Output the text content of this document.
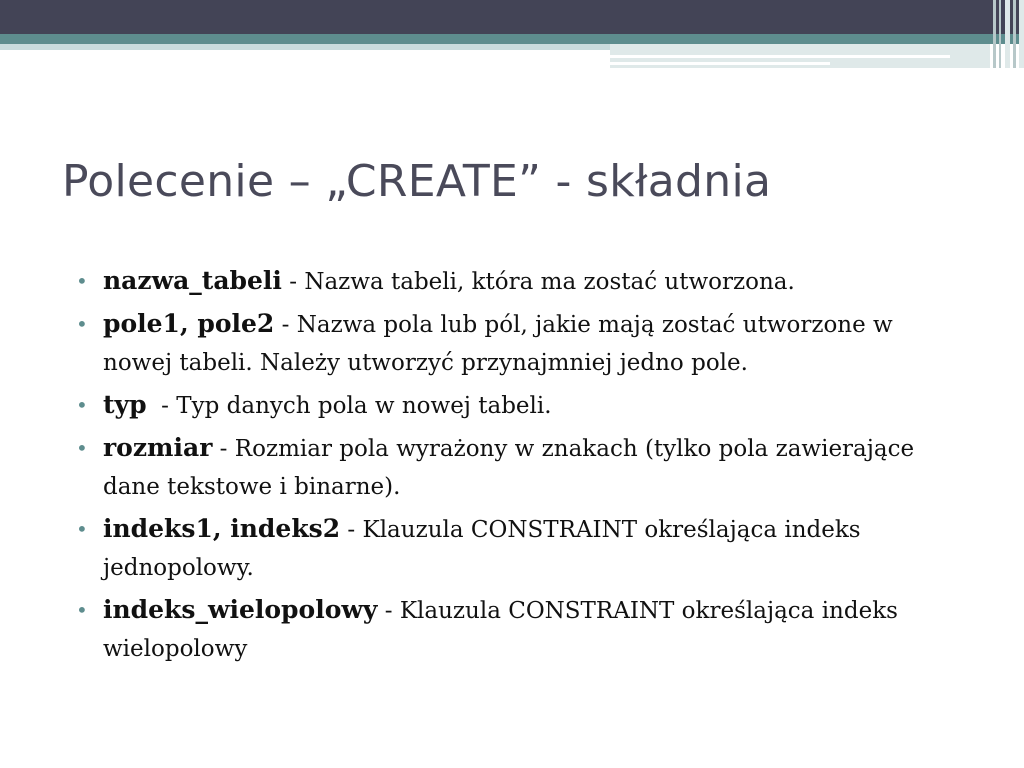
Polecenie – „CREATE” - składnia
• nazwa_tabeli - Nazwa tabeli, która ma zostać utworzona.
• pole1, pole2 - Nazwa pola lub pól, jakie mają zostać utworzone w nowej tabeli. Należy utworzyć przynajmniej jedno pole.
• typ  - Typ danych pola w nowej tabeli.
• rozmiar - Rozmiar pola wyrażony w znakach (tylko pola zawierające dane tekstowe i binarne).
• indeks1, indeks2 - Klauzula CONSTRAINT określająca indeks jednopolowy.
• indeks_wielopolowy - Klauzula CONSTRAINT określająca indeks wielopolowy
